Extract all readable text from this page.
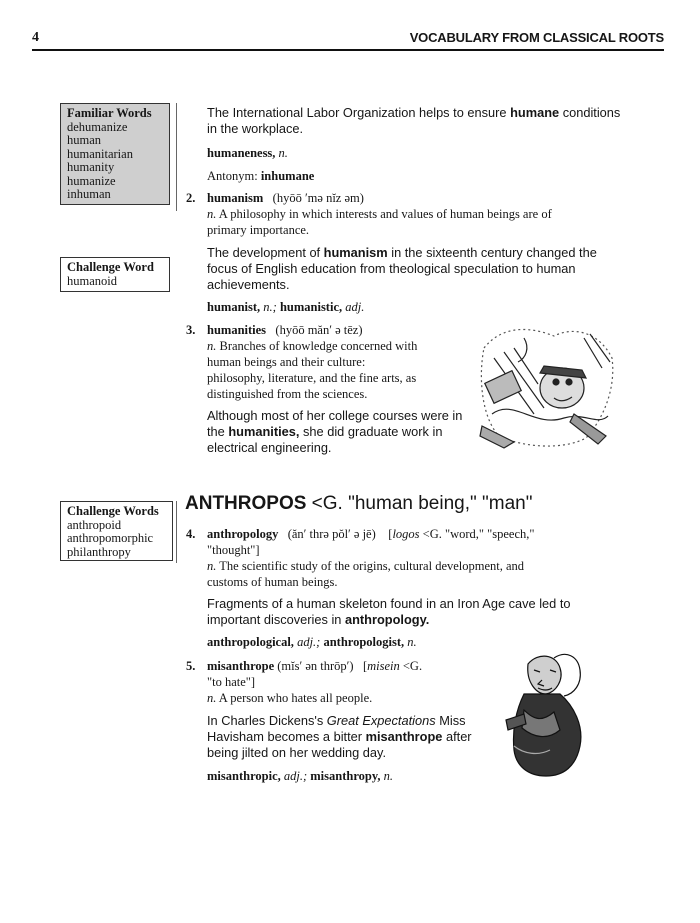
4	VOCABULARY FROM CLASSICAL ROOTS
Familiar Words
dehumanize
human
humanitarian
humanity
humanize
inhuman
Challenge Word
humanoid
Challenge Words
anthropoid
anthropomorphic
philanthropy
The International Labor Organization helps to ensure humane conditions
in the workplace.
humaneness, n.
Antonym: inhumane
2. humanism (hyōō ′mə nĭz əm)
n. A philosophy in which interests and values of human beings are of
primary importance.
The development of humanism in the sixteenth century changed the
focus of English education from theological speculation to human
achievements.
humanist, n.; humanistic, adj.
3. humanities (hyōō măn′ ə tēz)
n. Branches of knowledge concerned with
human beings and their culture:
philosophy, literature, and the fine arts, as
distinguished from the sciences.
Although most of her college courses were in
the humanities, she did graduate work in
electrical engineering.
ANTHROPOS <G. "human being," "man"
4. anthropology (ăn′ thrə pŏl′ ə jē) [logos <G. "word," "speech,"
"thought"]
n. The scientific study of the origins, cultural development, and
customs of human beings.
Fragments of a human skeleton found in an Iron Age cave led to
important discoveries in anthropology.
anthropological, adj.; anthropologist, n.
5. misanthrope (mĭs′ ən thrōp′) [misein <G.
"to hate"]
n. A person who hates all people.
In Charles Dickens's Great Expectations Miss
Havisham becomes a bitter misanthrope after
being jilted on her wedding day.
misanthropic, adj.; misanthropy, n.
